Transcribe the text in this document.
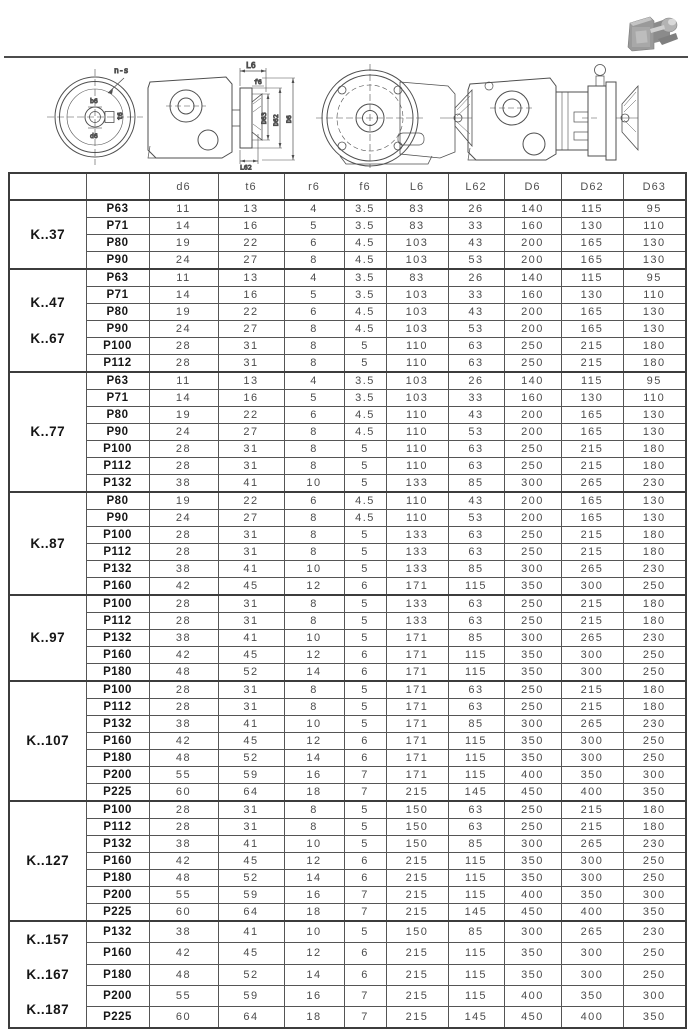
n-s
b6
t6
d6
L6
f6
D63 D62 D6
L62
		d6	t6	r6	f6	L6	L62	D6	D62	D63

K..37	P63	11	13	4	3.5	83	26	140	115	95
	P71	14	16	5	3.5	83	33	160	130	110
	P80	19	22	6	4.5	103	43	200	165	130
	P90	24	27	8	4.5	103	53	200	165	130

K..47
K..67	P63	11	13	4	3.5	83	26	140	115	95
	P71	14	16	5	3.5	103	33	160	130	110
	P80	19	22	6	4.5	103	43	200	165	130
	P90	24	27	8	4.5	103	53	200	165	130
	P100	28	31	8	5	110	63	250	215	180
	P112	28	31	8	5	110	63	250	215	180

K..77	P63	11	13	4	3.5	103	26	140	115	95
	P71	14	16	5	3.5	103	33	160	130	110
	P80	19	22	6	4.5	110	43	200	165	130
	P90	24	27	8	4.5	110	53	200	165	130
	P100	28	31	8	5	110	63	250	215	180
	P112	28	31	8	5	110	63	250	215	180
	P132	38	41	10	5	133	85	300	265	230

K..87	P80	19	22	6	4.5	110	43	200	165	130
	P90	24	27	8	4.5	110	53	200	165	130
	P100	28	31	8	5	133	63	250	215	180
	P112	28	31	8	5	133	63	250	215	180
	P132	38	41	10	5	133	85	300	265	230
	P160	42	45	12	6	171	115	350	300	250

K..97	P100	28	31	8	5	133	63	250	215	180
	P112	28	31	8	5	133	63	250	215	180
	P132	38	41	10	5	171	85	300	265	230
	P160	42	45	12	6	171	115	350	300	250
	P180	48	52	14	6	171	115	350	300	250

K..107	P100	28	31	8	5	171	63	250	215	180
	P112	28	31	8	5	171	63	250	215	180
	P132	38	41	10	5	171	85	300	265	230
	P160	42	45	12	6	171	115	350	300	250
	P180	48	52	14	6	171	115	350	300	250
	P200	55	59	16	7	171	115	400	350	300
	P225	60	64	18	7	215	145	450	400	350

K..127	P100	28	31	8	5	150	63	250	215	180
	P112	28	31	8	5	150	63	250	215	180
	P132	38	41	10	5	150	85	300	265	230
	P160	42	45	12	6	215	115	350	300	250
	P180	48	52	14	6	215	115	350	300	250
	P200	55	59	16	7	215	115	400	350	300
	P225	60	64	18	7	215	145	450	400	350

K..157
K..167
K..187	P132	38	41	10	5	150	85	300	265	230
	P160	42	45	12	6	215	115	350	300	250
	P180	48	52	14	6	215	115	350	300	250
	P200	55	59	16	7	215	115	400	350	300
	P225	60	64	18	7	215	145	450	400	350
